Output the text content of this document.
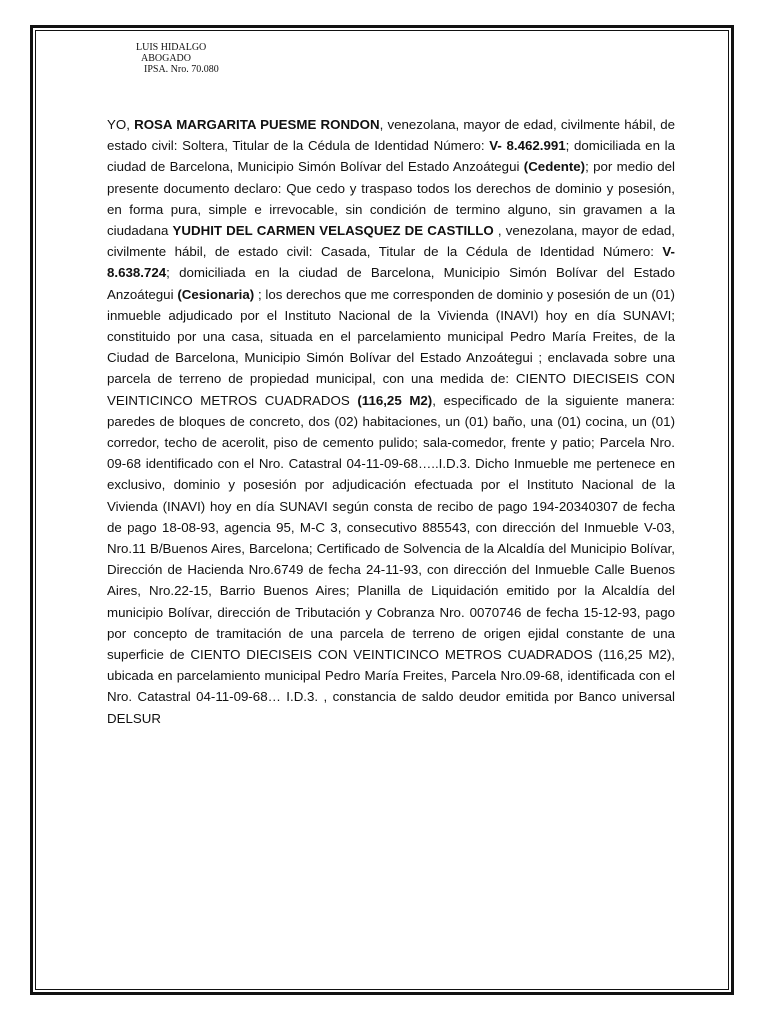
LUIS HIDALGO
ABOGADO
IPSA. Nro. 70.080

YO, ROSA MARGARITA PUESME RONDON, venezolana, mayor de edad, civilmente hábil, de estado civil: Soltera, Titular de la Cédula de Identidad Número: V- 8.462.991; domiciliada en la ciudad de Barcelona, Municipio Simón Bolívar del Estado Anzoátegui (Cedente); por medio del presente documento declaro: Que cedo y traspaso todos los derechos de dominio y posesión, en forma pura, simple e irrevocable, sin condición de termino alguno, sin gravamen a la ciudadana YUDHIT DEL CARMEN VELASQUEZ DE CASTILLO , venezolana, mayor de edad, civilmente hábil, de estado civil: Casada, Titular de la Cédula de Identidad Número: V- 8.638.724; domiciliada en la ciudad de Barcelona, Municipio Simón Bolívar del Estado Anzoátegui (Cesionaria) ; los derechos que me corresponden de dominio y posesión de un (01) inmueble adjudicado por el Instituto Nacional de la Vivienda (INAVI) hoy en día SUNAVI; constituido por una casa, situada en el parcelamiento municipal Pedro María Freites, de la Ciudad de Barcelona, Municipio Simón Bolívar del Estado Anzoátegui ; enclavada sobre una parcela de terreno de propiedad municipal, con una medida de: CIENTO DIECISEIS CON VEINTICINCO METROS CUADRADOS (116,25 M2), especificado de la siguiente manera: paredes de bloques de concreto, dos (02) habitaciones, un (01) baño, una (01) cocina, un (01) corredor, techo de acerolit, piso de cemento pulido; sala-comedor, frente y patio; Parcela Nro. 09-68 identificado con el Nro. Catastral 04-11-09-68…..I.D.3. Dicho Inmueble me pertenece en exclusivo, dominio y posesión por adjudicación efectuada por el Instituto Nacional de la Vivienda (INAVI) hoy en día SUNAVI según consta de recibo de pago 194-20340307 de fecha de pago 18-08-93, agencia 95, M-C 3, consecutivo 885543, con dirección del Inmueble V-03, Nro.11 B/Buenos Aires, Barcelona; Certificado de Solvencia de la Alcaldía del Municipio Bolívar, Dirección de Hacienda Nro.6749 de fecha 24-11-93, con dirección del Inmueble Calle Buenos Aires, Nro.22-15, Barrio Buenos Aires; Planilla de Liquidación emitido por la Alcaldía del municipio Bolívar, dirección de Tributación y Cobranza Nro. 0070746 de fecha 15-12-93, pago por concepto de tramitación de una parcela de terreno de origen ejidal constante de una superficie de CIENTO DIECISEIS CON VEINTICINCO METROS CUADRADOS (116,25 M2), ubicada en parcelamiento municipal Pedro María Freites, Parcela Nro.09-68, identificada con el Nro. Catastral 04-11-09-68… I.D.3. , constancia de saldo deudor emitida por Banco universal DELSUR
